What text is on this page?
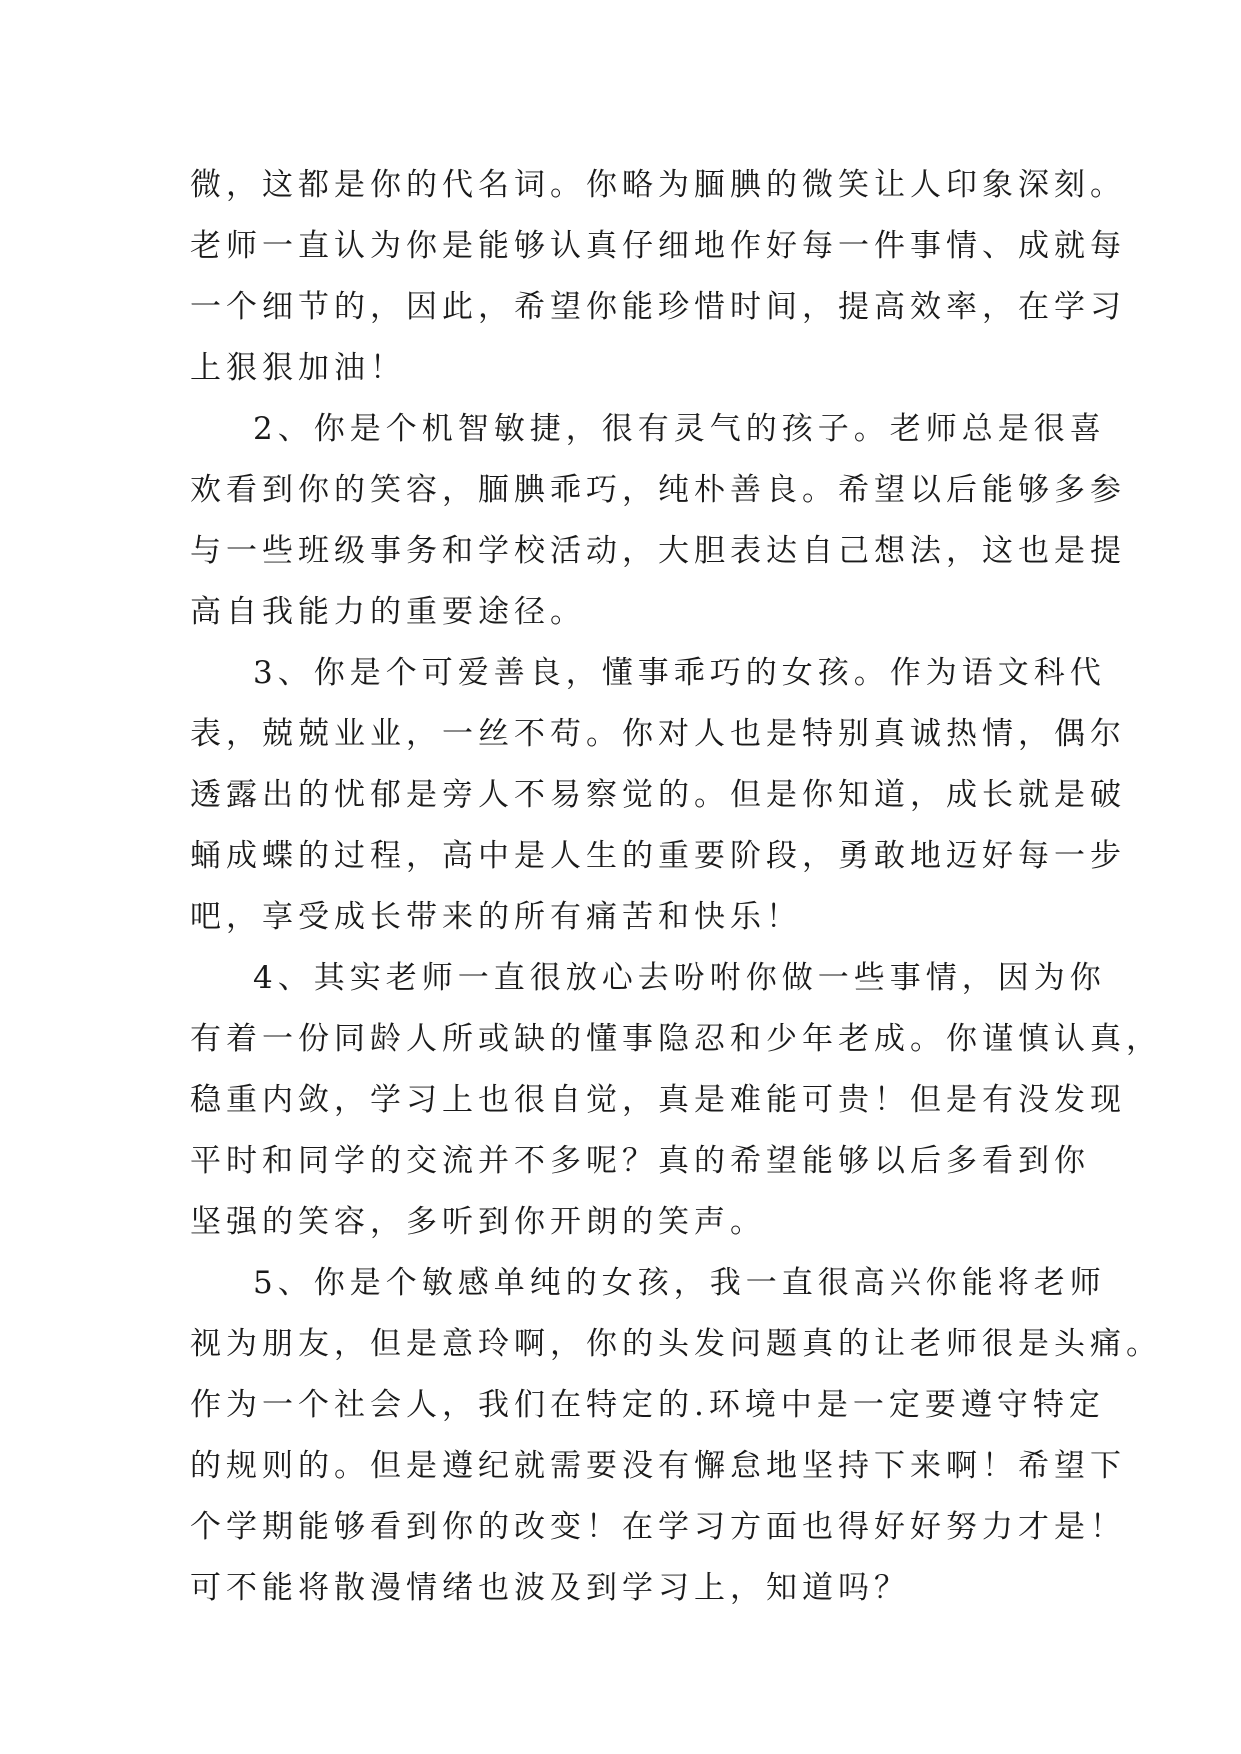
微，这都是你的代名词。你略为腼腆的微笑让人印象深刻。
老师一直认为你是能够认真仔细地作好每一件事情、成就每
一个细节的，因此，希望你能珍惜时间，提高效率，在学习
上狠狠加油！
2、你是个机智敏捷，很有灵气的孩子。老师总是很喜
欢看到你的笑容，腼腆乖巧，纯朴善良。希望以后能够多参
与一些班级事务和学校活动，大胆表达自己想法，这也是提
高自我能力的重要途径。
3、你是个可爱善良，懂事乖巧的女孩。作为语文科代
表，兢兢业业，一丝不苟。你对人也是特别真诚热情，偶尔
透露出的忧郁是旁人不易察觉的。但是你知道，成长就是破
蛹成蝶的过程，高中是人生的重要阶段，勇敢地迈好每一步
吧，享受成长带来的所有痛苦和快乐！
4、其实老师一直很放心去吩咐你做一些事情，因为你
有着一份同龄人所或缺的懂事隐忍和少年老成。你谨慎认真，
稳重内敛，学习上也很自觉，真是难能可贵！但是有没发现
平时和同学的交流并不多呢？真的希望能够以后多看到你
坚强的笑容，多听到你开朗的笑声。
5、你是个敏感单纯的女孩，我一直很高兴你能将老师
视为朋友，但是意玲啊，你的头发问题真的让老师很是头痛。
作为一个社会人，我们在特定的.环境中是一定要遵守特定
的规则的。但是遵纪就需要没有懈怠地坚持下来啊！希望下
个学期能够看到你的改变！在学习方面也得好好努力才是！
可不能将散漫情绪也波及到学习上，知道吗？
